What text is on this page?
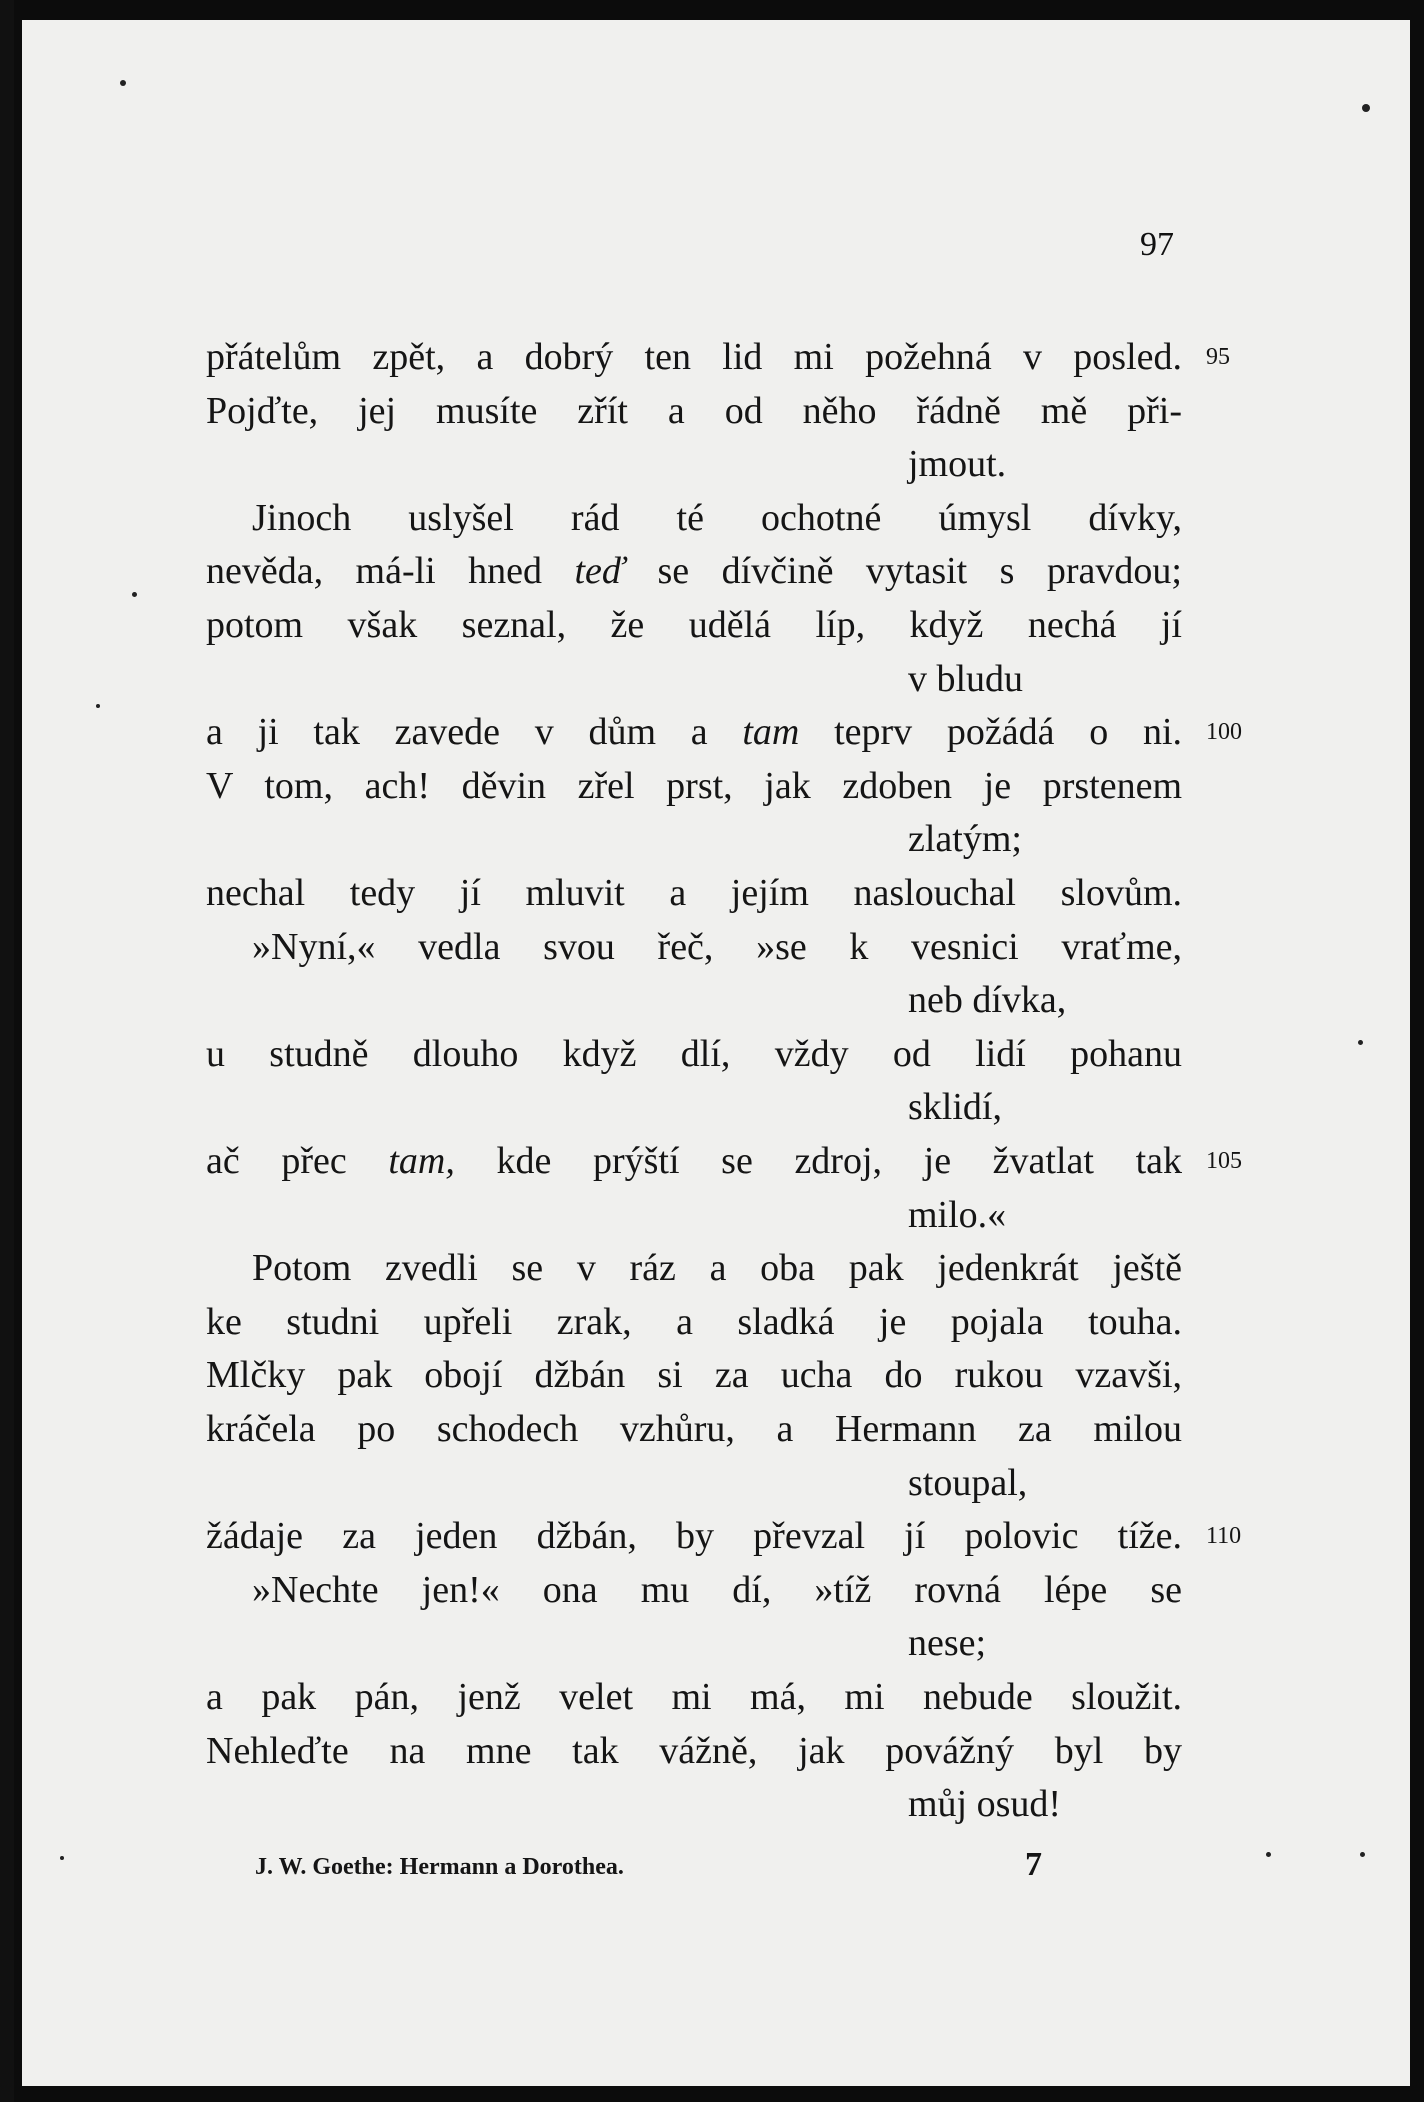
97
přátelům zpět, a dobrý ten lid mi požehná v posled. 95
Pojďte, jej musíte zřít a od něho řádně mě při-
jmout.
Jinoch uslyšel rád té ochotné úmysl dívky,
nevěda, má-li hned teď se dívčině vytasit s pravdou;
potom však seznal, že udělá líp, když nechá jí
v bludu
a ji tak zavede v dům a tam teprv požádá o ni. 100
V tom, ach! děvin zřel prst, jak zdoben je prstenem
zlatým;
nechal tedy jí mluvit a jejím naslouchal slovům.
»Nyní,« vedla svou řeč, »se k vesnici vraťme,
neb dívka,
u studně dlouho když dlí, vždy od lidí pohanu
sklidí,
ač přec tam, kde prýští se zdroj, je žvatlat tak 105
milo.«
Potom zvedli se v ráz a oba pak jedenkrát ještě
ke studni upřeli zrak, a sladká je pojala touha.
Mlčky pak obojí džbán si za ucha do rukou vzavši,
kráčela po schodech vzhůru, a Hermann za milou
stoupal,
žádaje za jeden džbán, by převzal jí polovic tíže. 110
»Nechte jen!« ona mu dí, »tíž rovná lépe se
nese;
a pak pán, jenž velet mi má, mi nebude sloužit.
Nehleďte na mne tak vážně, jak povážný byl by
můj osud!
J. W. Goethe: Hermann a Dorothea.	7
